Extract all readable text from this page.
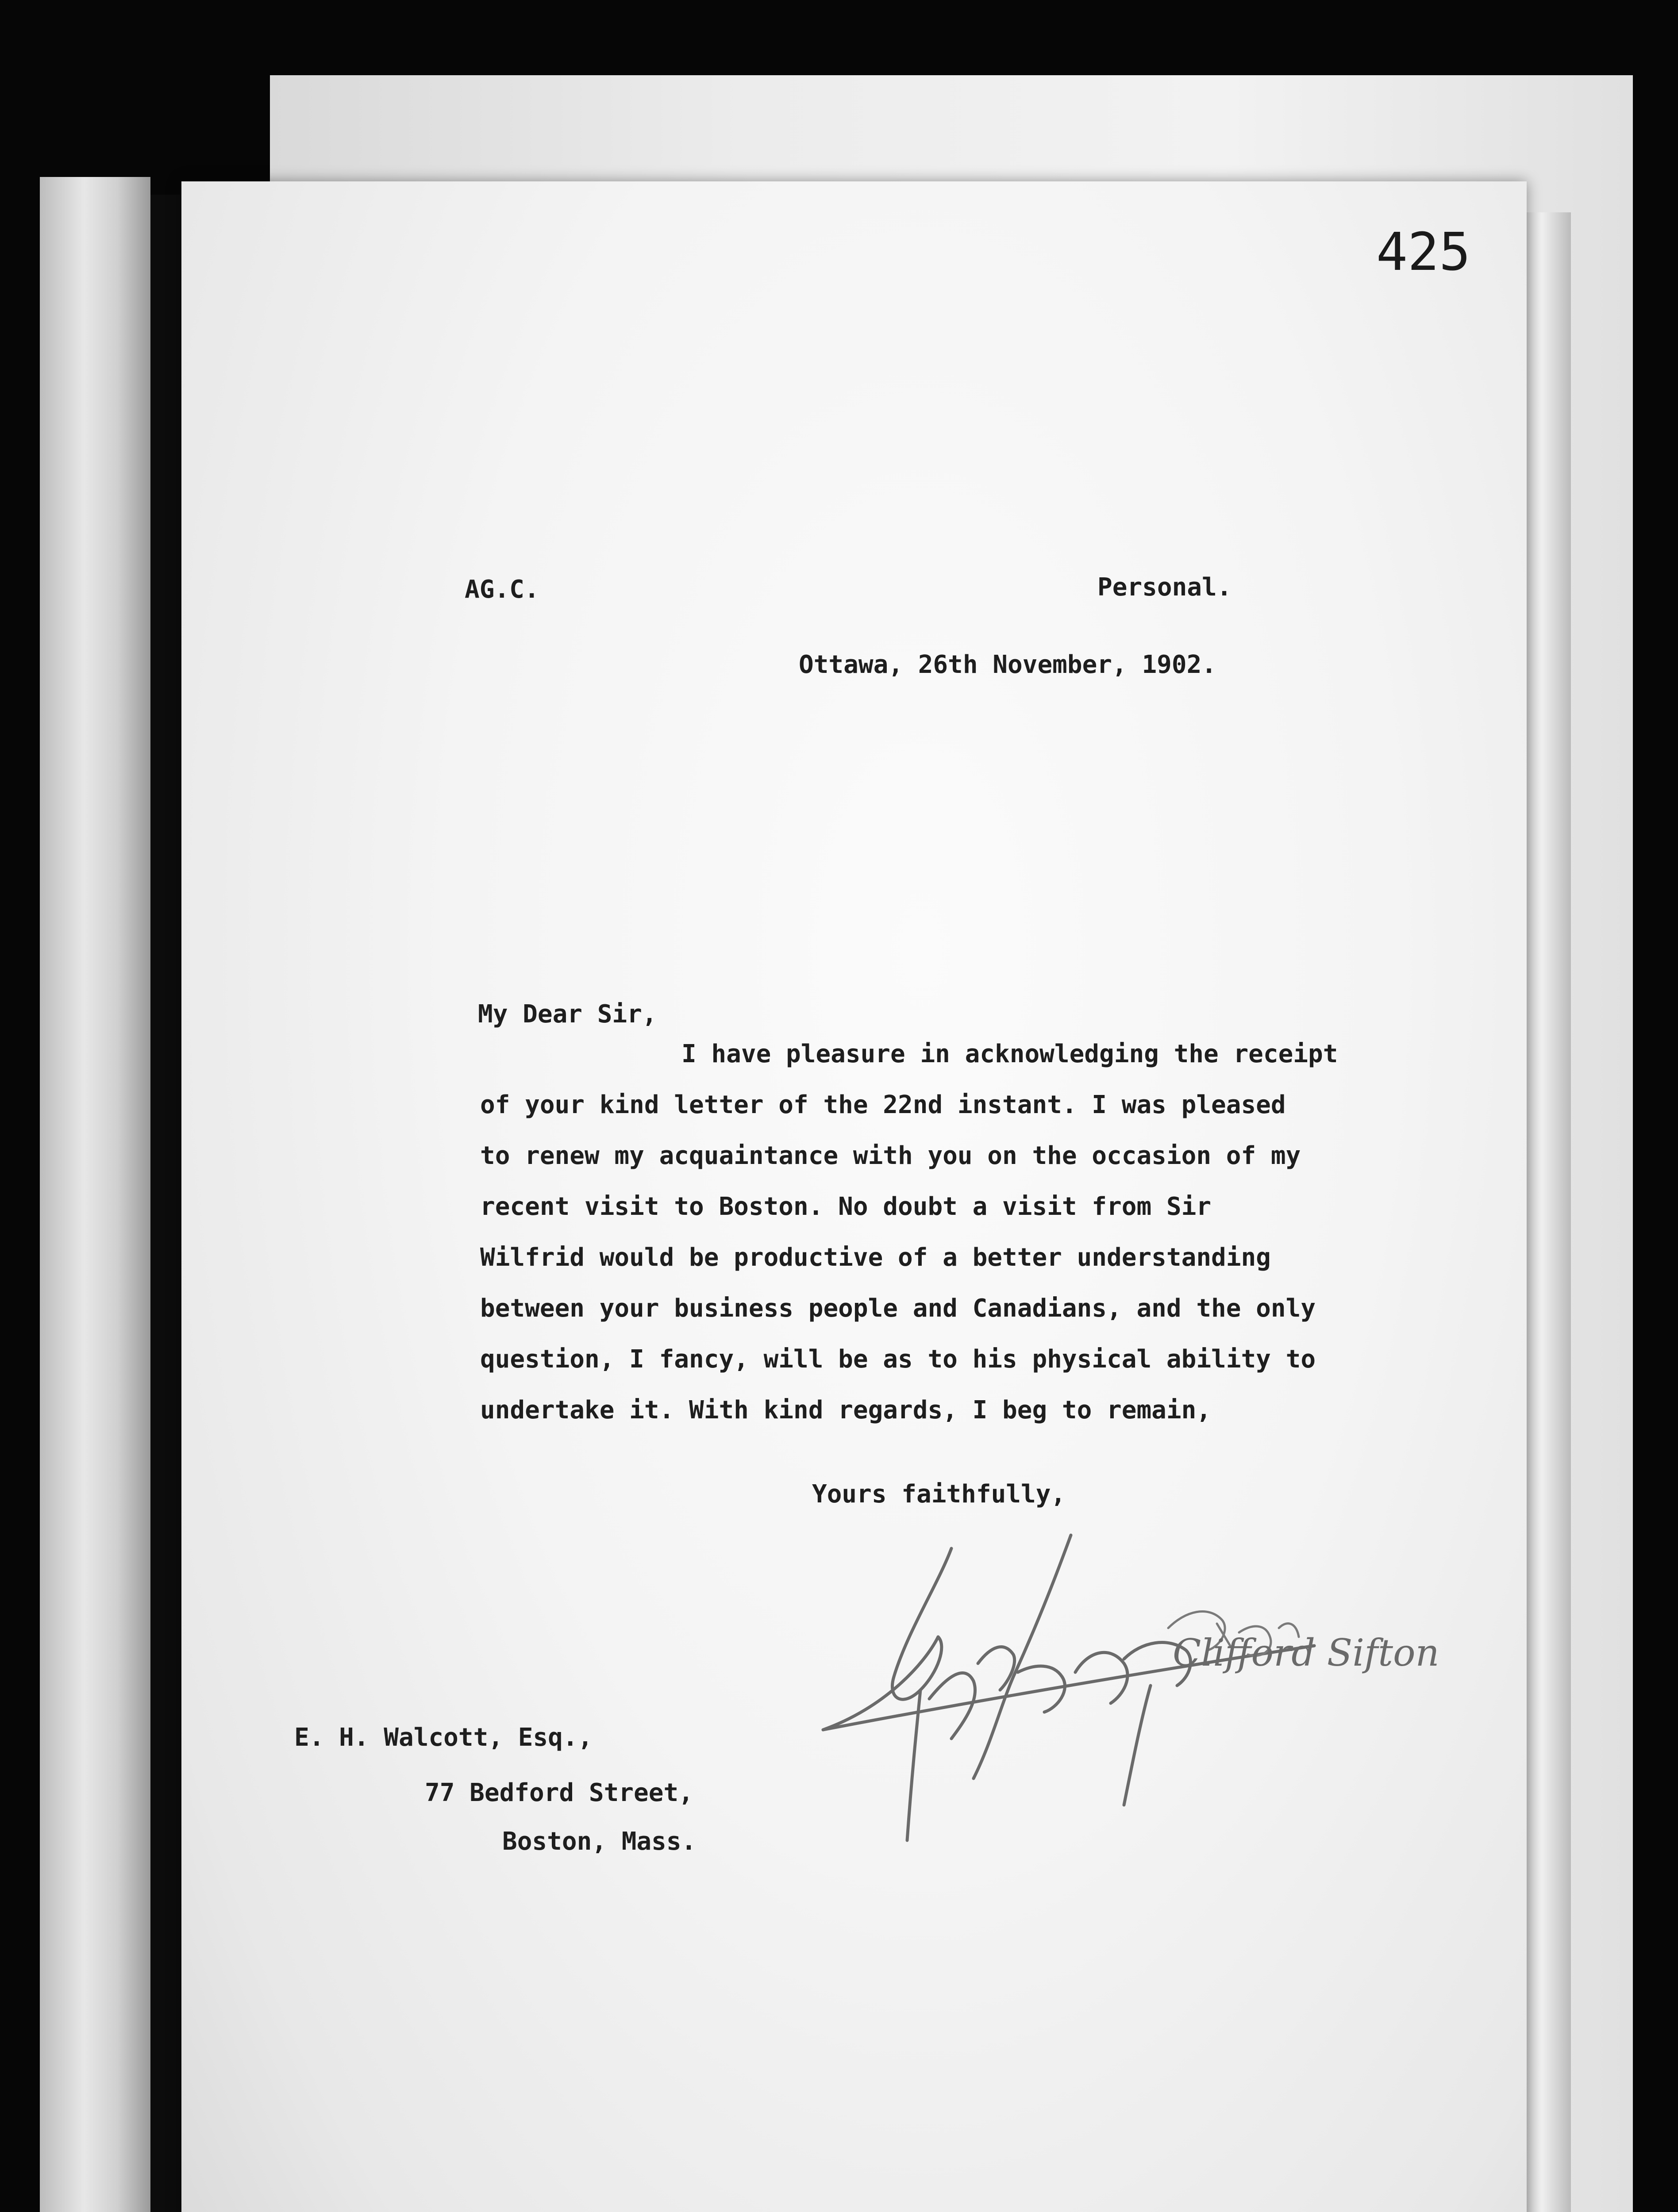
425
AG.C.	Personal.
Ottawa, 26th November, 1902.
My Dear Sir,
I have pleasure in acknowledging the receipt
of your kind letter of the 22nd instant. I was pleased
to renew my acquaintance with you on the occasion of my
recent visit to Boston. No doubt a visit from Sir
Wilfrid would be productive of a better understanding
between your business people and Canadians, and the only
question, I fancy, will be as to his physical ability to
undertake it. With kind regards, I beg to remain,
Yours faithfully,
Clifford Sifton
E. H. Walcott, Esq.,
77 Bedford Street,
Boston, Mass.
